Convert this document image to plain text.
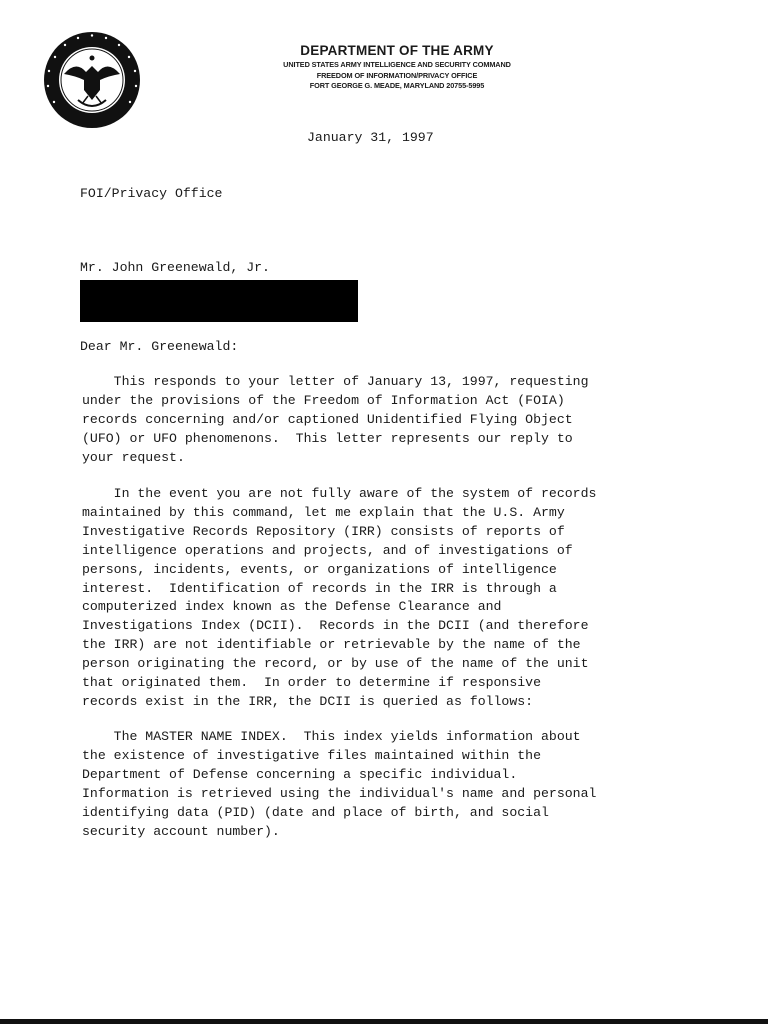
DEPARTMENT OF THE ARMY
UNITED STATES ARMY INTELLIGENCE AND SECURITY COMMAND
FREEDOM OF INFORMATION/PRIVACY OFFICE
FORT GEORGE G. MEADE, MARYLAND 20755-5995
January 31, 1997
FOI/Privacy Office
Mr. John Greenewald, Jr.
Dear Mr. Greenewald:
This responds to your letter of January 13, 1997, requesting
under the provisions of the Freedom of Information Act (FOIA)
records concerning and/or captioned Unidentified Flying Object
(UFO) or UFO phenomenons.  This letter represents our reply to
your request.
In the event you are not fully aware of the system of records
maintained by this command, let me explain that the U.S. Army
Investigative Records Repository (IRR) consists of reports of
intelligence operations and projects, and of investigations of
persons, incidents, events, or organizations of intelligence
interest.  Identification of records in the IRR is through a
computerized index known as the Defense Clearance and
Investigations Index (DCII).  Records in the DCII (and therefore
the IRR) are not identifiable or retrievable by the name of the
person originating the record, or by use of the name of the unit
that originated them.  In order to determine if responsive
records exist in the IRR, the DCII is queried as follows:
The MASTER NAME INDEX.  This index yields information about
the existence of investigative files maintained within the
Department of Defense concerning a specific individual.
Information is retrieved using the individual's name and personal
identifying data (PID) (date and place of birth, and social
security account number).
